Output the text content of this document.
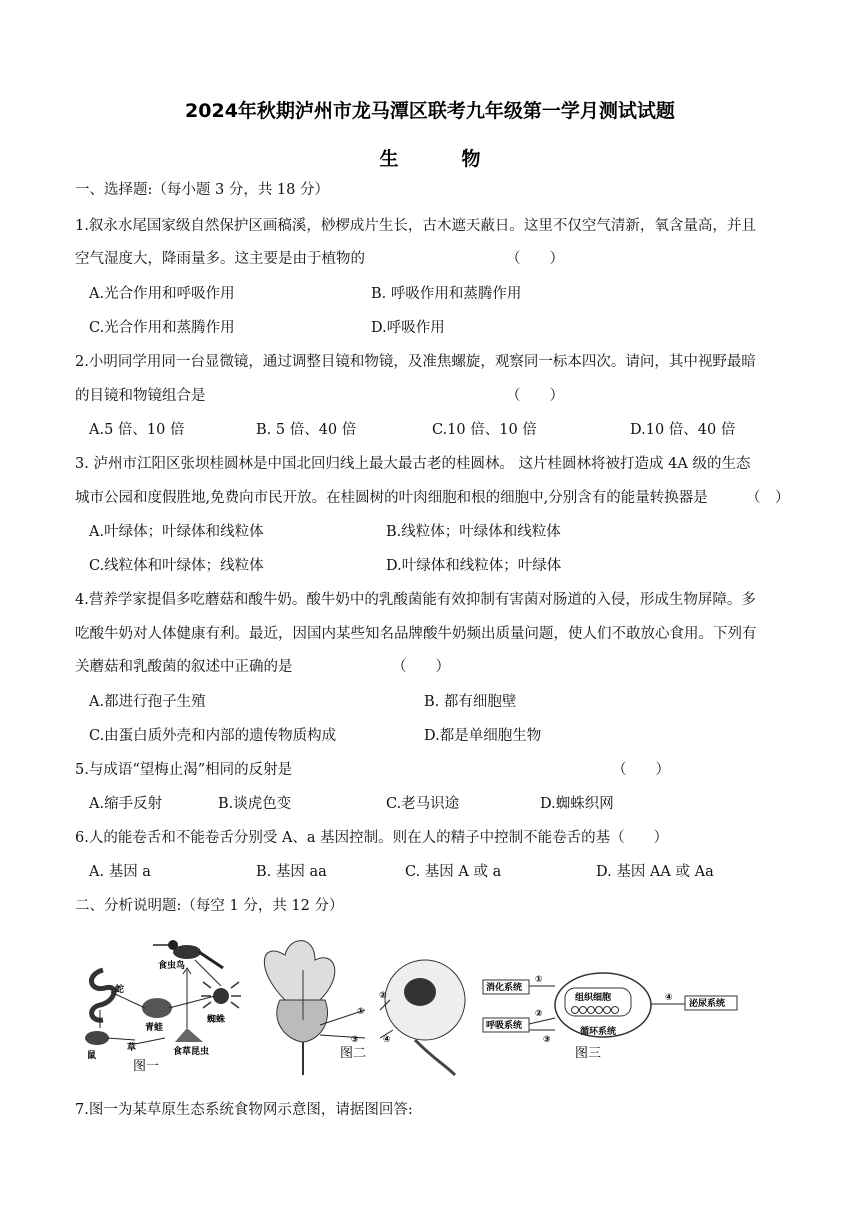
2024年秋期泸州市龙马潭区联考九年级第一学月测试试题
生　物
一、选择题:（每小题 3 分，共 18 分）
1.叙永水尾国家级自然保护区画稿溪，桫椤成片生长，古木遮天蔽日。这里不仅空气清新，氧含量高，并且
空气湿度大，降雨量多。这主要是由于植物的	（　　）
A.光合作用和呼吸作用	B. 呼吸作用和蒸腾作用
C.光合作用和蒸腾作用	D.呼吸作用
2.小明同学用同一台显微镜，通过调整目镜和物镜，及准焦螺旋，观察同一标本四次。请问，其中视野最暗
的目镜和物镜组合是	（　　）
A.5 倍、10 倍	B. 5 倍、40 倍	C.10 倍、10 倍	D.10 倍、40 倍
3. 泸州市江阳区张坝桂圆林是中国北回归线上最大最古老的桂圆林。 这片桂圆林将被打造成 4A 级的生态
城市公园和度假胜地,免费向市民开放。在桂圆树的叶肉细胞和根的细胞中,分别含有的能量转换器是	（　）
A.叶绿体；叶绿体和线粒体	B.线粒体；叶绿体和线粒体
C.线粒体和叶绿体；线粒体	D.叶绿体和线粒体；叶绿体
4.营养学家提倡多吃蘑菇和酸牛奶。酸牛奶中的乳酸菌能有效抑制有害菌对肠道的入侵，形成生物屏障。多
吃酸牛奶对人体健康有利。最近，因国内某些知名品牌酸牛奶频出质量问题，使人们不敢放心食用。下列有
关蘑菇和乳酸菌的叙述中正确的是	（　　）
A.都进行孢子生殖	B. 都有细胞壁
C.由蛋白质外壳和内部的遗传物质构成	D.都是单细胞生物
5.与成语“望梅止渴”相同的反射是	（　　）
A.缩手反射	B.谈虎色变	C.老马识途	D.蜘蛛织网
6.人的能卷舌和不能卷舌分别受 A、a 基因控制。则在人的精子中控制不能卷舌的基（　　）
A. 基因 a	B. 基因 aa	C. 基因 A 或 a	D. 基因 AA 或 Aa
二、分析说明题:（每空 1 分，共 12 分）
食虫鸟
蛇
青蛙
蜘蛛
食草昆虫
鼠
草
图一
①
②
③	④
图二
消化系统
呼吸系统
组织细胞
循环系统
泌尿系统
①
②
③
④
图三
7.图一为某草原生态系统食物网示意图，请据图回答:
